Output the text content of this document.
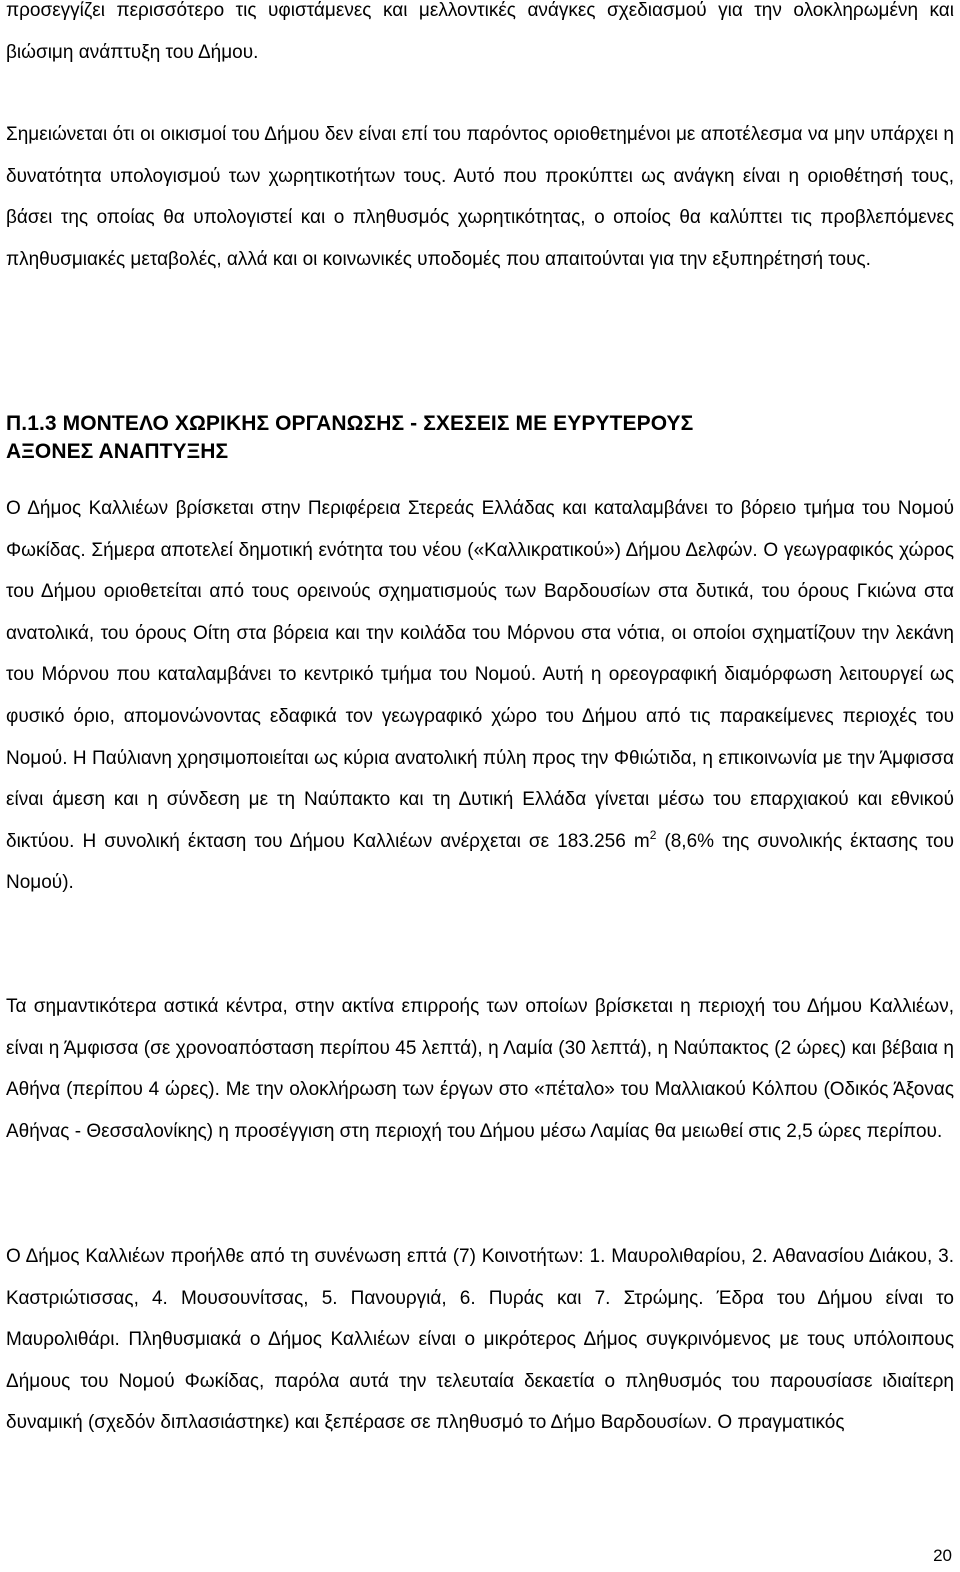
προσεγγίζει περισσότερο τις υφιστάμενες και μελλοντικές ανάγκες σχεδιασμού για την ολοκληρωμένη και βιώσιμη ανάπτυξη του Δήμου.

Σημειώνεται ότι οι οικισμοί του Δήμου δεν είναι επί του παρόντος οριοθετημένοι με αποτέλεσμα να μην υπάρχει η δυνατότητα υπολογισμού των χωρητικοτήτων τους. Αυτό που προκύπτει ως ανάγκη είναι η οριοθέτησή τους, βάσει της οποίας θα υπολογιστεί και ο πληθυσμός χωρητικότητας, ο οποίος θα καλύπτει τις προβλεπόμενες πληθυσμιακές μεταβολές, αλλά και οι κοινωνικές υποδομές που απαιτούνται για την εξυπηρέτησή τους.

Π.1.3 ΜΟΝΤΕΛΟ ΧΩΡΙΚΗΣ ΟΡΓΑΝΩΣΗΣ - ΣΧΕΣΕΙΣ ΜΕ ΕΥΡΥΤΕΡΟΥΣ
ΑΞΟΝΕΣ ΑΝΑΠΤΥΞΗΣ

Ο Δήμος Καλλιέων βρίσκεται στην Περιφέρεια Στερεάς Ελλάδας και καταλαμβάνει το βόρειο τμήμα του Νομού Φωκίδας. Σήμερα αποτελεί δημοτική ενότητα του νέου («Καλλικρατικού») Δήμου Δελφών. Ο γεωγραφικός χώρος του Δήμου οριοθετείται από τους ορεινούς σχηματισμούς των Βαρδουσίων στα δυτικά, του όρους Γκιώνα στα ανατολικά, του όρους Οίτη στα βόρεια και την κοιλάδα του Μόρνου στα νότια, οι οποίοι σχηματίζουν την λεκάνη του Μόρνου που καταλαμβάνει το κεντρικό τμήμα του Νομού. Αυτή η ορεογραφική διαμόρφωση λειτουργεί ως φυσικό όριο, απομονώνοντας εδαφικά τον γεωγραφικό χώρο του Δήμου από τις παρακείμενες περιοχές του Νομού. Η Παύλιανη χρησιμοποιείται ως κύρια ανατολική πύλη προς την Φθιώτιδα, η επικοινωνία με την Άμφισσα είναι άμεση και η σύνδεση με τη Ναύπακτο και τη Δυτική Ελλάδα γίνεται μέσω του επαρχιακού και εθνικού δικτύου. Η συνολική έκταση του Δήμου Καλλιέων ανέρχεται σε 183.256 $m^2$ (8,6% της συνολικής έκτασης του Νομού).

Τα σημαντικότερα αστικά κέντρα, στην ακτίνα επιρροής των οποίων βρίσκεται η περιοχή του Δήμου Καλλιέων, είναι η Άμφισσα (σε χρονοαπόσταση περίπου 45 λεπτά), η Λαμία (30 λεπτά), η Ναύπακτος (2 ώρες) και βέβαια η Αθήνα (περίπου 4 ώρες). Με την ολοκλήρωση των έργων στο «πέταλο» του Μαλλιακού Κόλπου (Οδικός Άξονας Αθήνας - Θεσσαλονίκης) η προσέγγιση στη περιοχή του Δήμου μέσω Λαμίας θα μειωθεί στις 2,5 ώρες περίπου.

Ο Δήμος Καλλιέων προήλθε από τη συνένωση επτά (7) Κοινοτήτων: 1. Μαυρολιθαρίου, 2. Αθανασίου Διάκου, 3. Καστριώτισσας, 4. Μουσουνίτσας, 5. Πανουργιά, 6. Πυράς και 7. Στρώμης. Έδρα του Δήμου είναι το Μαυρολιθάρι. Πληθυσμιακά ο Δήμος Καλλιέων είναι ο μικρότερος Δήμος συγκρινόμενος με τους υπόλοιπους Δήμους του Νομού Φωκίδας, παρόλα αυτά την τελευταία δεκαετία ο πληθυσμός του παρουσίασε ιδιαίτερη δυναμική (σχεδόν διπλασιάστηκε) και ξεπέρασε σε πληθυσμό το Δήμο Βαρδουσίων. Ο πραγματικός

20
